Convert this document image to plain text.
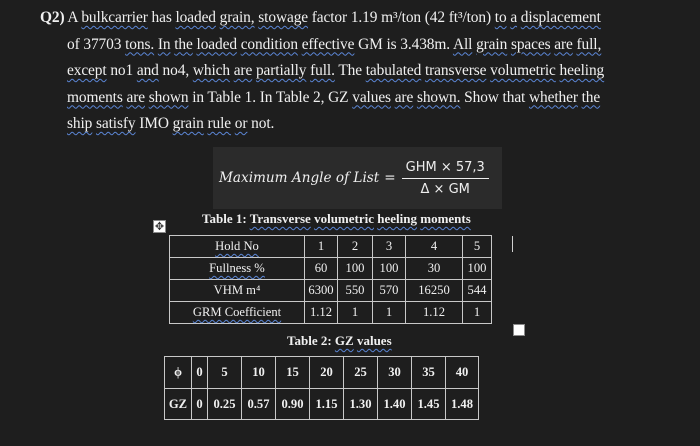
Q2) A bulkcarrier has loaded grain, stowage factor 1.19 m³/ton (42 ft³/ton) to a displacement
of 37703 tons. In the loaded condition effective GM is 3.438m. All grain spaces are full,
except no1 and no4, which are partially full. The tabulated transverse volumetric heeling
moments are shown in Table 1. In Table 2, GZ values are shown. Show that whether the
ship satisfy IMO grain rule or not.
Maximum Angle of List = $\frac{\text{GHM × 57,3}}{\Delta \times GM}$
Table 1: Transverse volumetric heeling moments
✥
Hold No	1	2	3	4	5
Fullness %	60	100	100	30	100
VHM m⁴	6300	550	570	16250	544
GRM Coefficient	1.12	1	1	1.12	1
Table 2: GZ values
ϕ	0	5	10	15	20	25	30	35	40
GZ	0	0.25	0.57	0.90	1.15	1.30	1.40	1.45	1.48
